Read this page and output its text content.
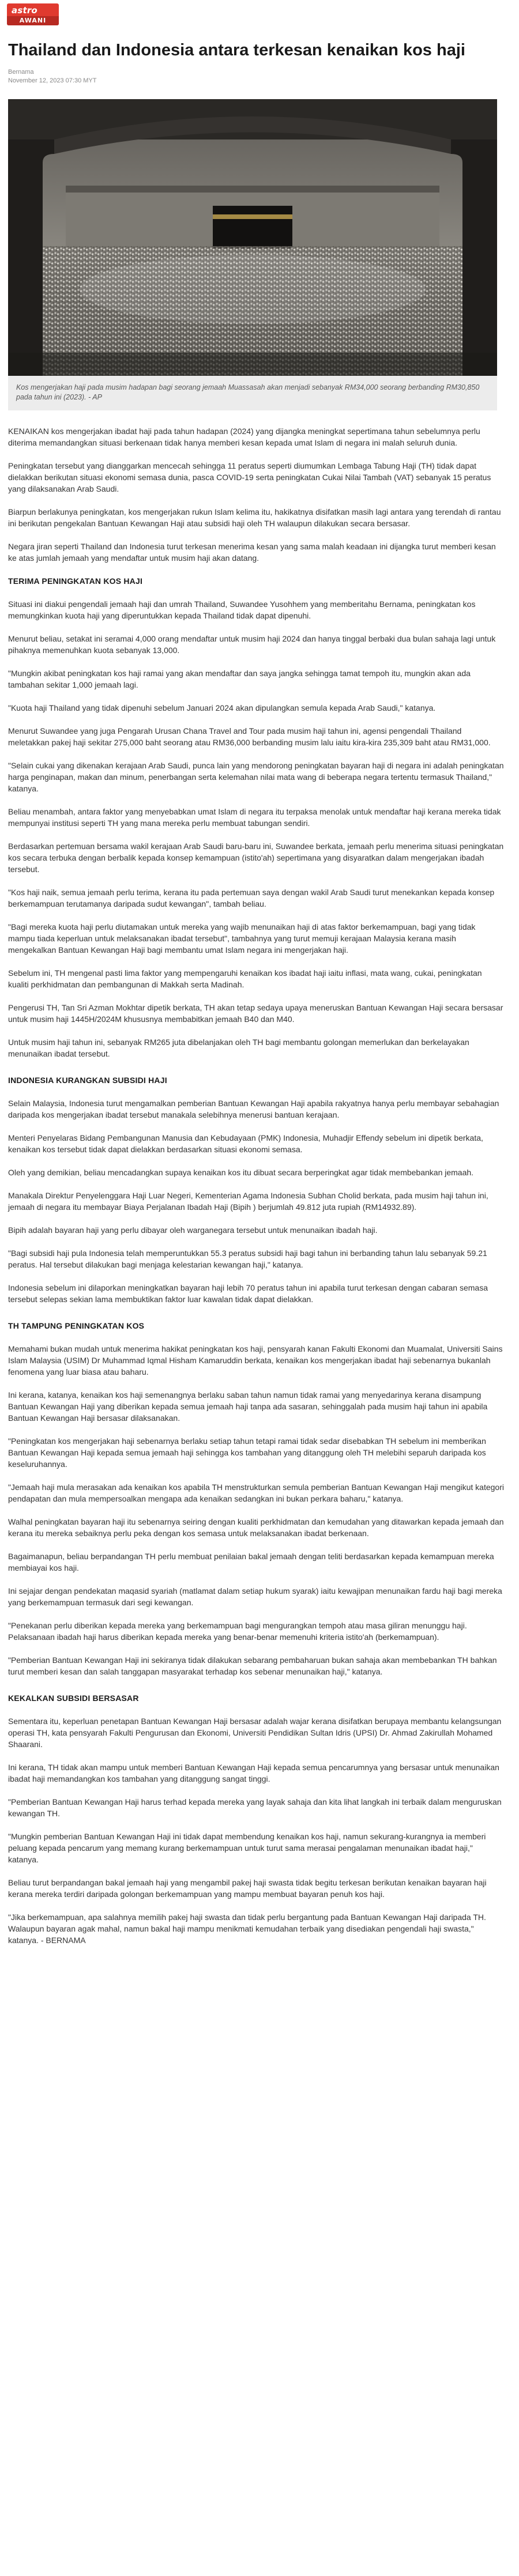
astro
AWANI
Thailand dan Indonesia antara terkesan kenaikan kos haji
Bernama
November 12, 2023 07:30 MYT
Kos mengerjakan haji pada musim hadapan bagi seorang jemaah Muassasah akan menjadi sebanyak RM34,000 seorang berbanding RM30,850 pada tahun ini (2023). - AP

KENAIKAN kos mengerjakan ibadat haji pada tahun hadapan (2024) yang dijangka meningkat sepertimana tahun sebelumnya perlu diterima memandangkan situasi berkenaan tidak hanya memberi kesan kepada umat Islam di negara ini malah seluruh dunia.

Peningkatan tersebut yang dianggarkan mencecah sehingga 11 peratus seperti diumumkan Lembaga Tabung Haji (TH) tidak dapat dielakkan berikutan situasi ekonomi semasa dunia, pasca COVID-19 serta peningkatan Cukai Nilai Tambah (VAT) sebanyak 15 peratus yang dilaksanakan Arab Saudi.

Biarpun berlakunya peningkatan, kos mengerjakan rukun Islam kelima itu, hakikatnya disifatkan masih lagi antara yang terendah di rantau ini berikutan pengekalan Bantuan Kewangan Haji atau subsidi haji oleh TH walaupun dilakukan secara bersasar.

Negara jiran seperti Thailand dan Indonesia turut terkesan menerima kesan yang sama malah keadaan ini dijangka turut memberi kesan ke atas jumlah jemaah yang mendaftar untuk musim haji akan datang.

TERIMA PENINGKATAN KOS HAJI

Situasi ini diakui pengendali jemaah haji dan umrah Thailand, Suwandee Yusohhem yang memberitahu Bernama, peningkatan kos memungkinkan kuota haji yang diperuntukkan kepada Thailand tidak dapat dipenuhi.

Menurut beliau, setakat ini seramai 4,000 orang mendaftar untuk musim haji 2024 dan hanya tinggal berbaki dua bulan sahaja lagi untuk pihaknya memenuhkan kuota sebanyak 13,000.

"Mungkin akibat peningkatan kos haji ramai yang akan mendaftar dan saya jangka sehingga tamat tempoh itu, mungkin akan ada tambahan sekitar 1,000 jemaah lagi.

"Kuota haji Thailand yang tidak dipenuhi sebelum Januari 2024 akan dipulangkan semula kepada Arab Saudi," katanya.

Menurut Suwandee yang juga Pengarah Urusan Chana Travel and Tour pada musim haji tahun ini, agensi pengendali Thailand meletakkan pakej haji sekitar 275,000 baht seorang atau RM36,000 berbanding musim lalu iaitu kira-kira 235,309 baht atau RM31,000.

"Selain cukai yang dikenakan kerajaan Arab Saudi, punca lain yang mendorong peningkatan bayaran haji di negara ini adalah peningkatan harga penginapan, makan dan minum, penerbangan serta kelemahan nilai mata wang di beberapa negara tertentu termasuk Thailand," katanya.

Beliau menambah, antara faktor yang menyebabkan umat Islam di negara itu terpaksa menolak untuk mendaftar haji kerana mereka tidak mempunyai institusi seperti TH yang mana mereka perlu membuat tabungan sendiri.

Berdasarkan pertemuan bersama wakil kerajaan Arab Saudi baru-baru ini, Suwandee berkata, jemaah perlu menerima situasi peningkatan kos secara terbuka dengan berbalik kepada konsep kemampuan (istito'ah) sepertimana yang disyaratkan dalam mengerjakan ibadah tersebut.

"Kos haji naik, semua jemaah perlu terima, kerana itu pada pertemuan saya dengan wakil Arab Saudi turut menekankan kepada konsep berkemampuan terutamanya daripada sudut kewangan", tambah beliau.

"Bagi mereka kuota haji perlu diutamakan untuk mereka yang wajib menunaikan haji di atas faktor berkemampuan, bagi yang tidak mampu tiada keperluan untuk melaksanakan ibadat tersebut", tambahnya yang turut memuji kerajaan Malaysia kerana masih mengekalkan Bantuan Kewangan Haji bagi membantu umat Islam negara ini mengerjakan haji.

Sebelum ini, TH mengenal pasti lima faktor yang mempengaruhi kenaikan kos ibadat haji iaitu inflasi, mata wang, cukai, peningkatan kualiti perkhidmatan dan pembangunan di Makkah serta Madinah.

Pengerusi TH, Tan Sri Azman Mokhtar dipetik berkata, TH akan tetap sedaya upaya meneruskan Bantuan Kewangan Haji secara bersasar untuk musim haji 1445H/2024M khususnya membabitkan jemaah B40 dan M40.

Untuk musim haji tahun ini, sebanyak RM265 juta dibelanjakan oleh TH bagi membantu golongan memerlukan dan berkelayakan menunaikan ibadat tersebut.

INDONESIA KURANGKAN SUBSIDI HAJI

Selain Malaysia, Indonesia turut mengamalkan pemberian Bantuan Kewangan Haji apabila rakyatnya hanya perlu membayar sebahagian daripada kos mengerjakan ibadat tersebut manakala selebihnya menerusi bantuan kerajaan.

Menteri Penyelaras Bidang Pembangunan Manusia dan Kebudayaan (PMK) Indonesia, Muhadjir Effendy sebelum ini dipetik berkata, kenaikan kos tersebut tidak dapat dielakkan berdasarkan situasi ekonomi semasa.

Oleh yang demikian, beliau mencadangkan supaya kenaikan kos itu dibuat secara berperingkat agar tidak membebankan jemaah.

Manakala Direktur Penyelenggara Haji Luar Negeri, Kementerian Agama Indonesia Subhan Cholid berkata, pada musim haji tahun ini, jemaah di negara itu membayar Biaya Perjalanan Ibadah Haji (Bipih ) berjumlah 49.812 juta rupiah (RM14932.89).

Bipih adalah bayaran haji yang perlu dibayar oleh warganegara tersebut untuk menunaikan ibadah haji.

"Bagi subsidi haji pula Indonesia telah memperuntukkan 55.3 peratus subsidi haji bagi tahun ini berbanding tahun lalu sebanyak 59.21 peratus. Hal tersebut dilakukan bagi menjaga kelestarian kewangan haji," katanya.

Indonesia sebelum ini dilaporkan meningkatkan bayaran haji lebih 70 peratus tahun ini apabila turut terkesan dengan cabaran semasa tersebut selepas sekian lama membuktikan faktor luar kawalan tidak dapat dielakkan.

TH TAMPUNG PENINGKATAN KOS

Memahami bukan mudah untuk menerima hakikat peningkatan kos haji, pensyarah kanan Fakulti Ekonomi dan Muamalat, Universiti Sains Islam Malaysia (USIM) Dr Muhammad Iqmal Hisham Kamaruddin berkata, kenaikan kos mengerjakan ibadat haji sebenarnya bukanlah fenomena yang luar biasa atau baharu.

Ini kerana, katanya, kenaikan kos haji semenangnya berlaku saban tahun namun tidak ramai yang menyedarinya kerana disampung Bantuan Kewangan Haji yang diberikan kepada semua jemaah haji tanpa ada sasaran, sehinggalah pada musim haji tahun ini apabila Bantuan Kewangan Haji bersasar dilaksanakan.

"Peningkatan kos mengerjakan haji sebenarnya berlaku setiap tahun tetapi ramai tidak sedar disebabkan TH sebelum ini memberikan Bantuan Kewangan Haji kepada semua jemaah haji sehingga kos tambahan yang ditanggung oleh TH melebihi separuh daripada kos keseluruhannya.

"Jemaah haji mula merasakan ada kenaikan kos apabila TH menstrukturkan semula pemberian Bantuan Kewangan Haji mengikut kategori pendapatan dan mula mempersoalkan mengapa ada kenaikan sedangkan ini bukan perkara baharu," katanya.

Walhal peningkatan bayaran haji itu sebenarnya seiring dengan kualiti perkhidmatan dan kemudahan yang ditawarkan kepada jemaah dan kerana itu mereka sebaiknya perlu peka dengan kos semasa untuk melaksanakan ibadat berkenaan.

Bagaimanapun, beliau berpandangan TH perlu membuat penilaian bakal jemaah dengan teliti berdasarkan kepada kemampuan mereka membiayai kos haji.

Ini sejajar dengan pendekatan maqasid syariah (matlamat dalam setiap hukum syarak) iaitu kewajipan menunaikan fardu haji bagi mereka yang berkemampuan termasuk dari segi kewangan.

"Penekanan perlu diberikan kepada mereka yang berkemampuan bagi mengurangkan tempoh atau masa giliran menunggu haji. Pelaksanaan ibadah haji harus diberikan kepada mereka yang benar-benar memenuhi kriteria istito'ah (berkemampuan).

"Pemberian Bantuan Kewangan Haji ini sekiranya tidak dilakukan sebarang pembaharuan bukan sahaja akan membebankan TH bahkan turut memberi kesan dan salah tanggapan masyarakat terhadap kos sebenar menunaikan haji," katanya.

KEKALKAN SUBSIDI BERSASAR

Sementara itu, keperluan penetapan Bantuan Kewangan Haji bersasar adalah wajar kerana disifatkan berupaya membantu kelangsungan operasi TH, kata pensyarah Fakulti Pengurusan dan Ekonomi, Universiti Pendidikan Sultan Idris (UPSI) Dr. Ahmad Zakirullah Mohamed Shaarani.

Ini kerana, TH tidak akan mampu untuk memberi Bantuan Kewangan Haji kepada semua pencarumnya yang bersasar untuk menunaikan ibadat haji memandangkan kos tambahan yang ditanggung sangat tinggi.

"Pemberian Bantuan Kewangan Haji harus terhad kepada mereka yang layak sahaja dan kita lihat langkah ini terbaik dalam menguruskan kewangan TH.

"Mungkin pemberian Bantuan Kewangan Haji ini tidak dapat membendung kenaikan kos haji, namun sekurang-kurangnya ia memberi peluang kepada pencarum yang memang kurang berkemampuan untuk turut sama merasai pengalaman menunaikan ibadat haji," katanya.

Beliau turut berpandangan bakal jemaah haji yang mengambil pakej haji swasta tidak begitu terkesan berikutan kenaikan bayaran haji kerana mereka terdiri daripada golongan berkemampuan yang mampu membuat bayaran penuh kos haji.

"Jika berkemampuan, apa salahnya memilih pakej haji swasta dan tidak perlu bergantung pada Bantuan Kewangan Haji daripada TH. Walaupun bayaran agak mahal, namun bakal haji mampu menikmati kemudahan terbaik yang disediakan pengendali haji swasta," katanya. - BERNAMA
